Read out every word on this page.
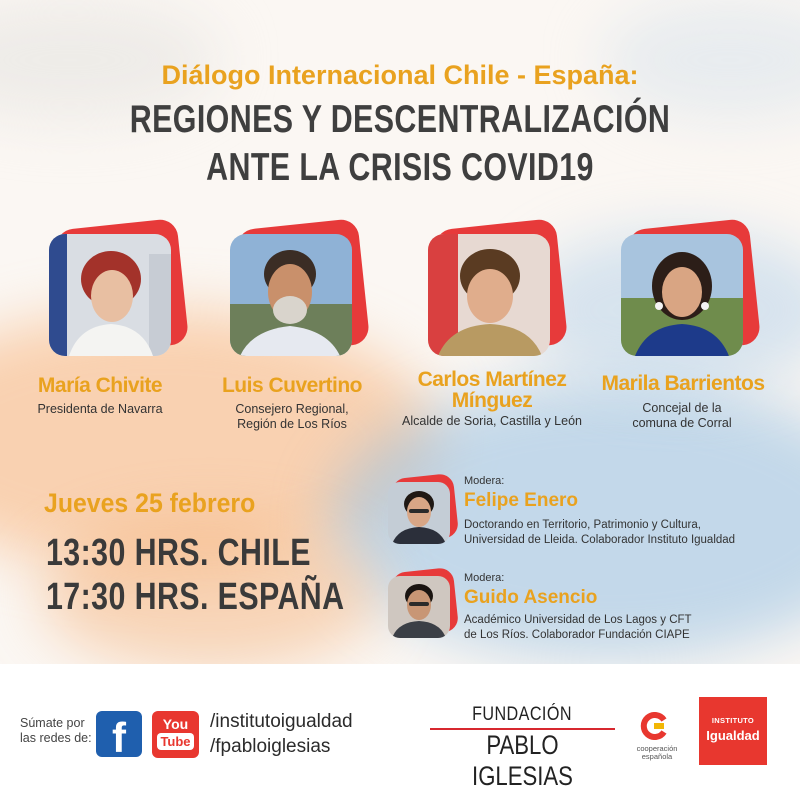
Diálogo Internacional Chile - España:
REGIONES Y DESCENTRALIZACIÓN
ANTE LA CRISIS COVID19
María Chivite
Presidenta de Navarra
Luis Cuvertino
Consejero Regional,
Región de Los Ríos
Carlos Martínez
Mínguez
Alcalde de Soria, Castilla y León
Marila Barrientos
Concejal de la
comuna de Corral
Jueves 25 febrero
13:30 HRS. CHILE
17:30 HRS. ESPAÑA
Modera:
Felipe Enero
Doctorando en Territorio, Patrimonio y Cultura,
Universidad de Lleida. Colaborador Instituto Igualdad
Modera:
Guido Asencio
Académico Universidad de Los Lagos y CFT
de Los Ríos. Colaborador Fundación CIAPE
Súmate por
las redes de: f	You
Tube
/institutoigualdad
/fpabloiglesias
FUNDACIÓN
PABLO IGLESIAS
cooperación
española
INSTITUTO
Igualdad
